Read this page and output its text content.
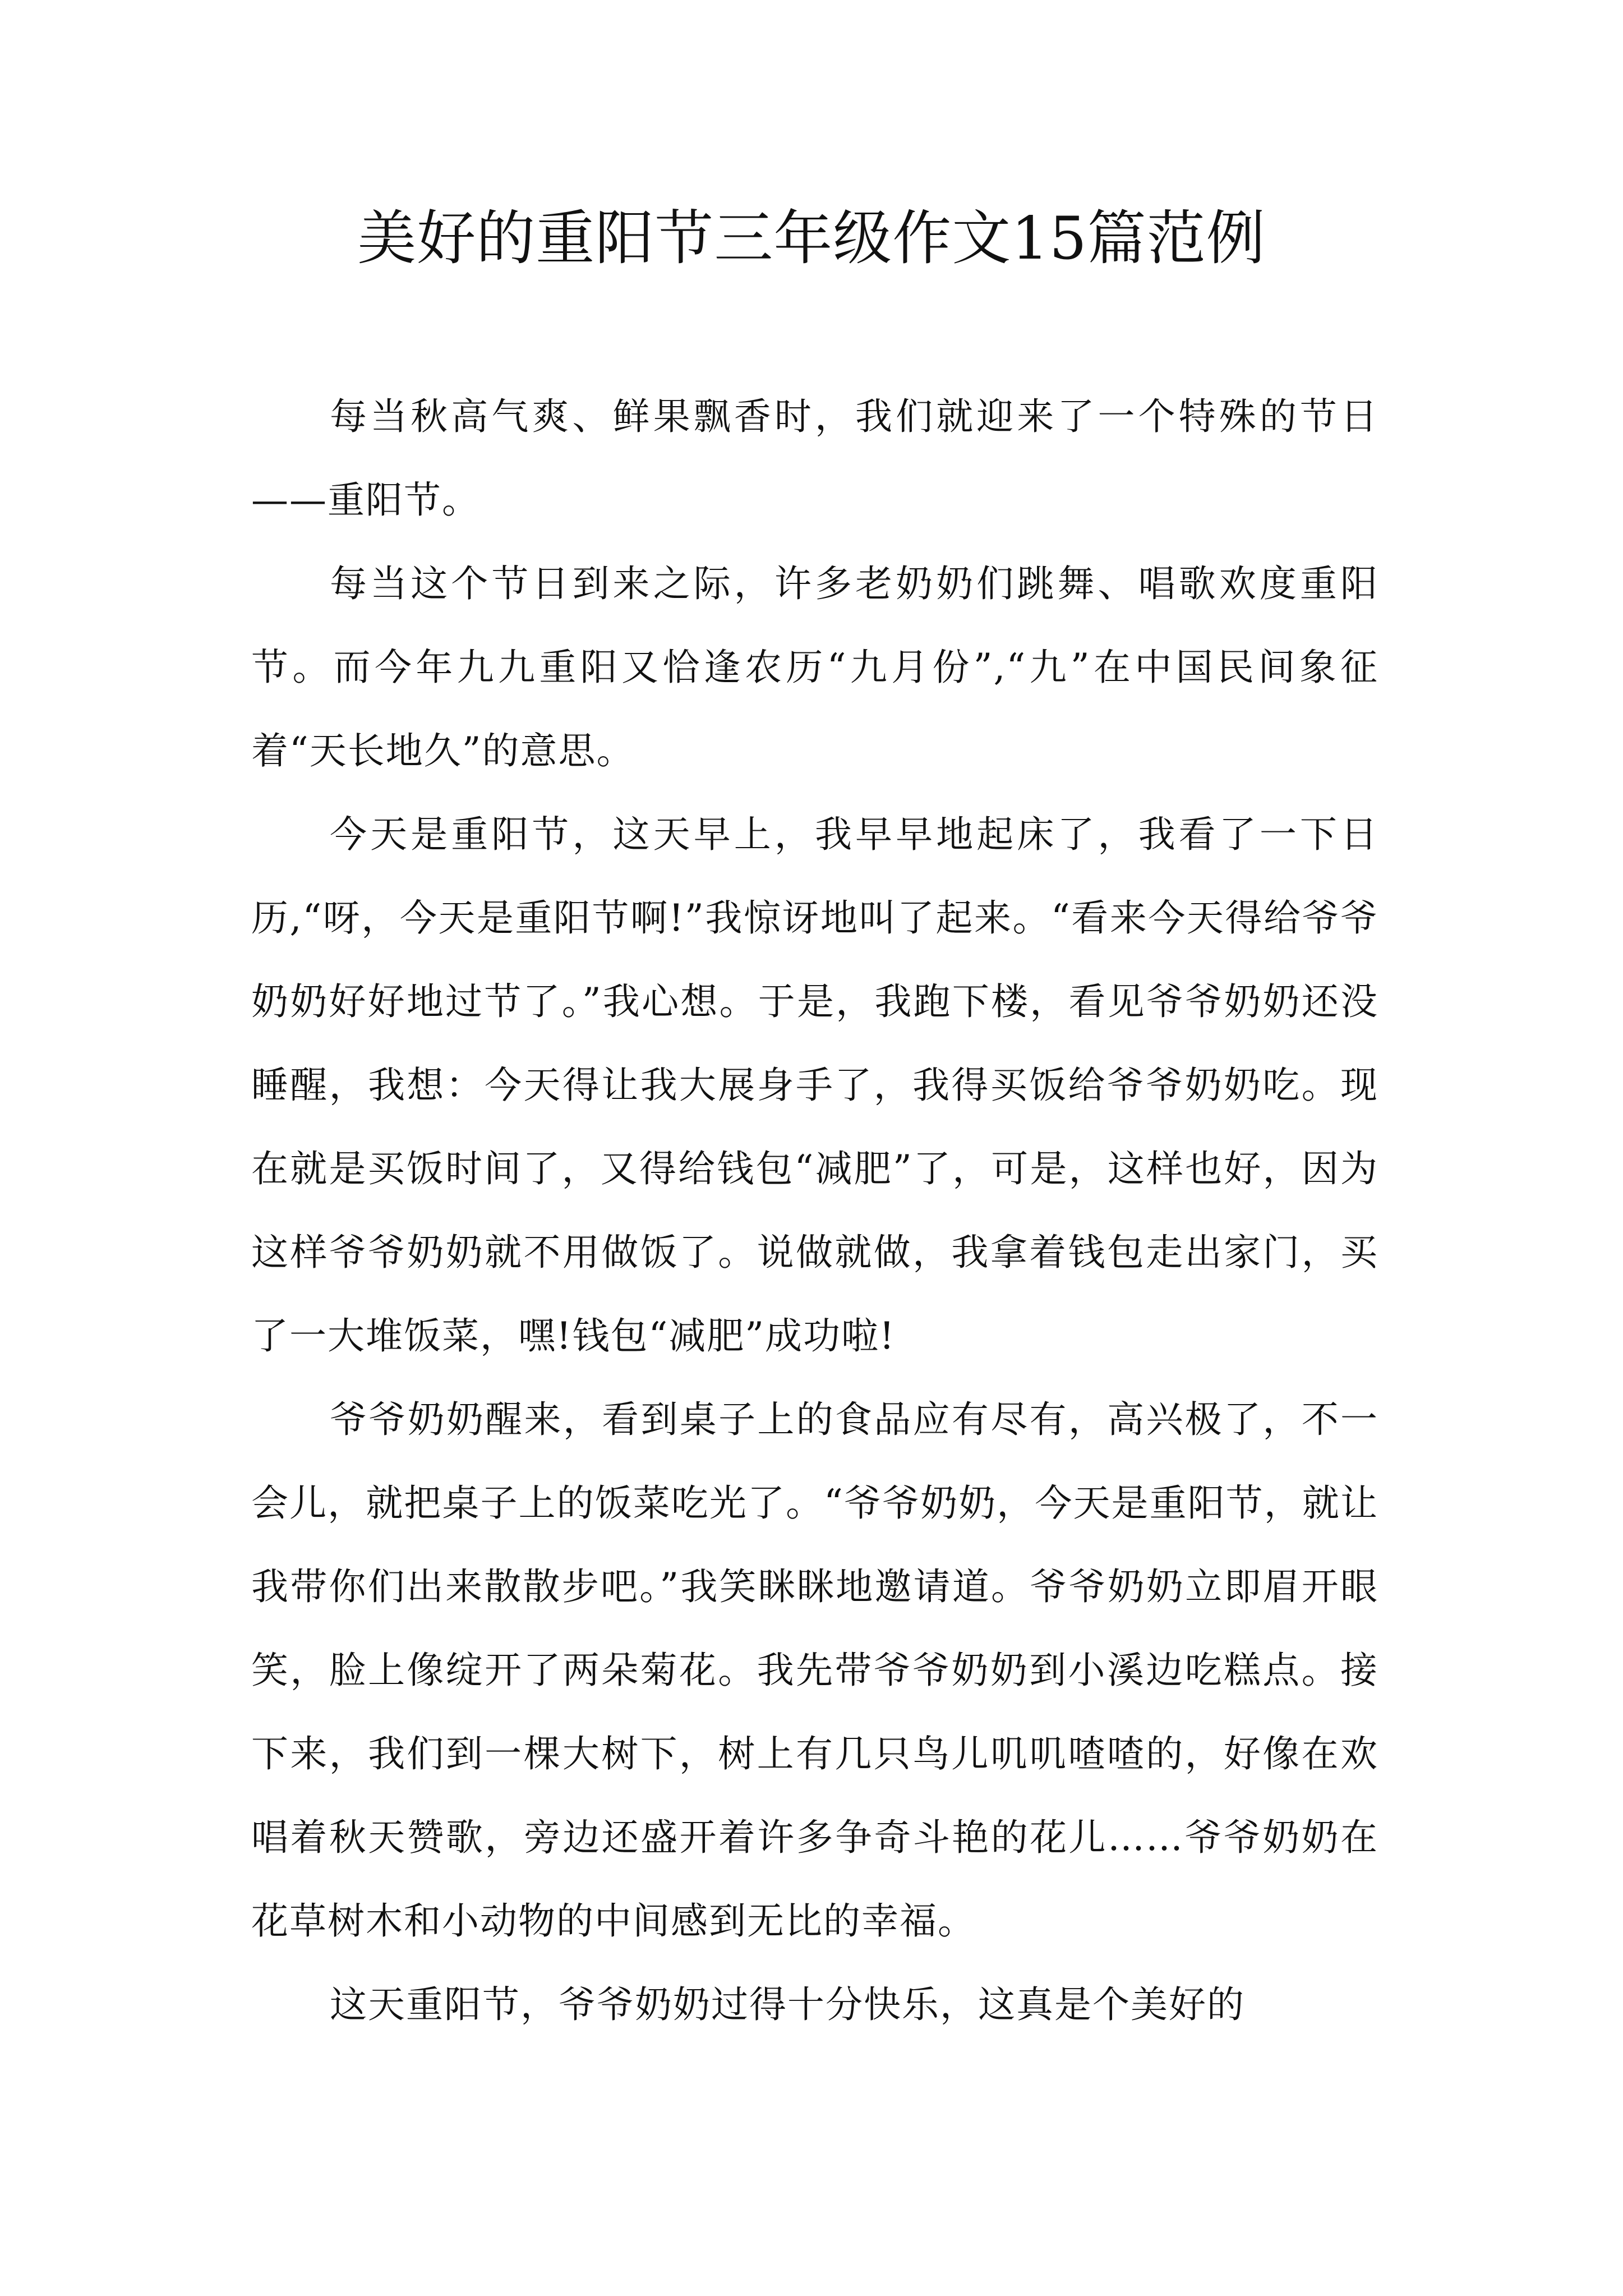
美好的重阳节三年级作文15篇范例

每当秋高气爽、鲜果飘香时，我们就迎来了一个特殊的节日——重阳节。

每当这个节日到来之际，许多老奶奶们跳舞、唱歌欢度重阳节。而今年九九重阳又恰逢农历“九月份”,“九”在中国民间象征着“天长地久”的意思。

今天是重阳节，这天早上，我早早地起床了，我看了一下日历,“呀，今天是重阳节啊!”我惊讶地叫了起来。“看来今天得给爷爷奶奶好好地过节了。”我心想。于是，我跑下楼，看见爷爷奶奶还没睡醒，我想：今天得让我大展身手了，我得买饭给爷爷奶奶吃。现在就是买饭时间了，又得给钱包“减肥”了，可是，这样也好，因为这样爷爷奶奶就不用做饭了。说做就做，我拿着钱包走出家门，买了一大堆饭菜，嘿!钱包“减肥”成功啦!

爷爷奶奶醒来，看到桌子上的食品应有尽有，高兴极了，不一会儿，就把桌子上的饭菜吃光了。“爷爷奶奶，今天是重阳节，就让我带你们出来散散步吧。”我笑眯眯地邀请道。爷爷奶奶立即眉开眼笑，脸上像绽开了两朵菊花。我先带爷爷奶奶到小溪边吃糕点。接下来，我们到一棵大树下，树上有几只鸟儿叽叽喳喳的，好像在欢唱着秋天赞歌，旁边还盛开着许多争奇斗艳的花儿……爷爷奶奶在花草树木和小动物的中间感到无比的幸福。

这天重阳节，爷爷奶奶过得十分快乐，这真是个美好的
